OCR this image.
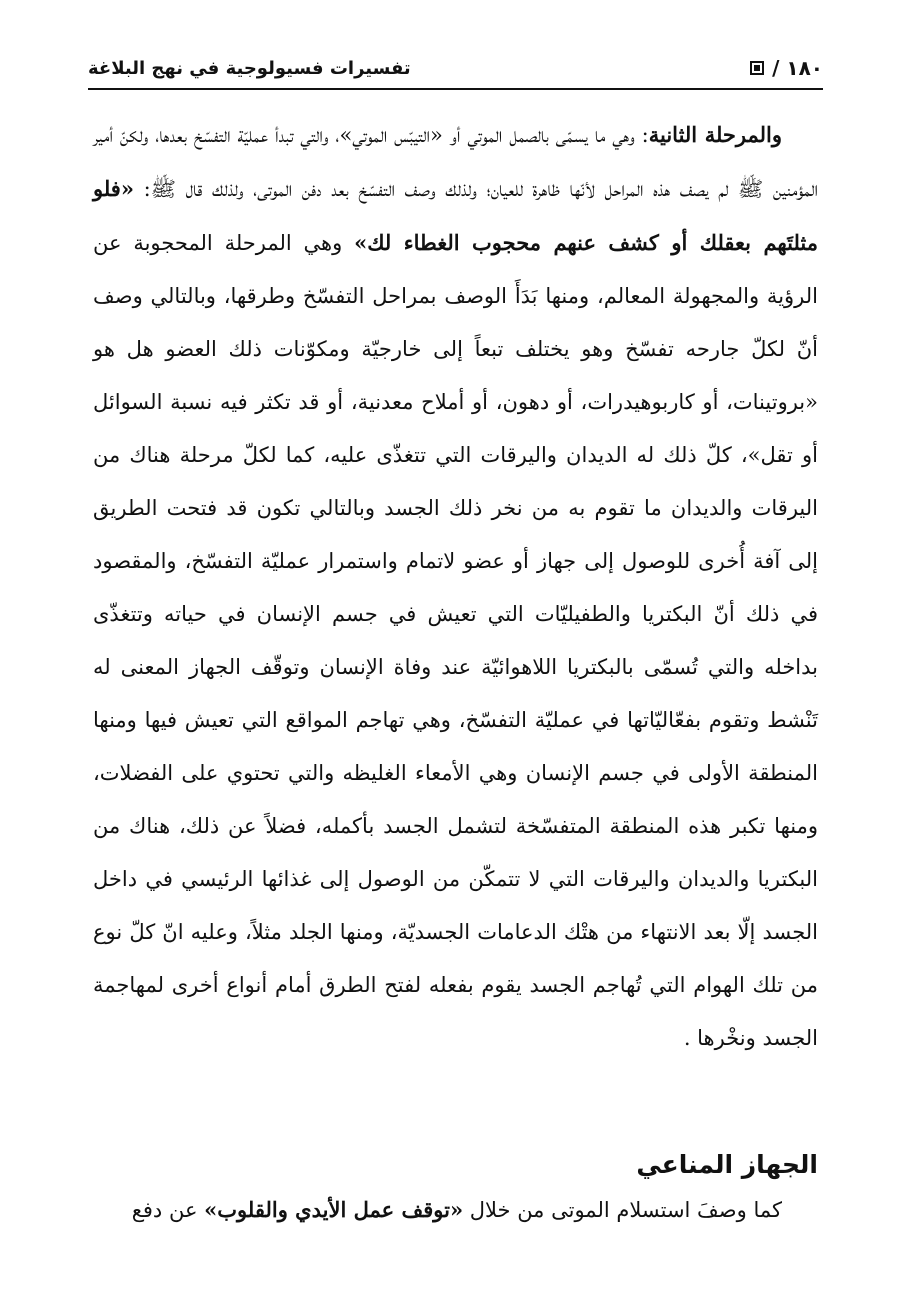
١٨٠ /
تفسيرات فسيولوجية في نهج البلاغة

والمرحلة الثانية: وهي ما يسمّى بالصمل الموتي أو «التيبّس الموتي»، والتي تبدأ عمليّة التفسّخ بعدها، ولكنّ أمير المؤمنين ﷺ لم يصف هذه المراحل لأنّها ظاهرة للعيان؛ ولذلك وصف التفسّخ بعد دفن الموتى، ولذلك قال ﷺ: «فلو مثلتَهم بعقلك أو كشف عنهم محجوب الغطاء لك» وهي المرحلة المحجوبة عن الرؤية والمجهولة المعالم، ومنها بَدَأَ الوصف بمراحل التفسّخ وطرقها، وبالتالي وصف أنّ لكلّ جارحه تفسّخ وهو يختلف تبعاً إلى خارجيّة ومكوّنات ذلك العضو هل هو «بروتينات، أو كاربوهيدرات، أو دهون، أو أملاح معدنية، أو قد تكثر فيه نسبة السوائل أو تقل»، كلّ ذلك له الديدان واليرقات التي تتغذّى عليه، كما لكلّ مرحلة هناك من اليرقات والديدان ما تقوم به من نخر ذلك الجسد وبالتالي تكون قد فتحت الطريق إلى آفة أُخرى للوصول إلى جهاز أو عضو لاتمام واستمرار عمليّة التفسّخ، والمقصود في ذلك أنّ البكتريا والطفيليّات التي تعيش في جسم الإنسان في حياته وتتغذّى بداخله والتي تُسمّى بالبكتريا اللاهوائيّة عند وفاة الإنسان وتوقّف الجهاز المعنى له تَنْشط وتقوم بفعّاليّاتها في عمليّة التفسّخ، وهي تهاجم المواقع التي تعيش فيها ومنها المنطقة الأولى في جسم الإنسان وهي الأمعاء الغليظه والتي تحتوي على الفضلات، ومنها تكبر هذه المنطقة المتفسّخة لتشمل الجسد بأكمله، فضلاً عن ذلك، هناك من البكتريا والديدان واليرقات التي لا تتمكّن من الوصول إلى غذائها الرئيسي في داخل الجسد إلّا بعد الانتهاء من هتْك الدعامات الجسديّة، ومنها الجلد مثلاً، وعليه انّ كلّ نوع من تلك الهوام التي تُهاجم الجسد يقوم بفعله لفتح الطرق أمام أنواع أخرى لمهاجمة الجسد ونخْرها .

الجهاز المناعي
كما وصفَ استسلام الموتى من خلال «توقف عمل الأيدي والقلوب» عن دفع
